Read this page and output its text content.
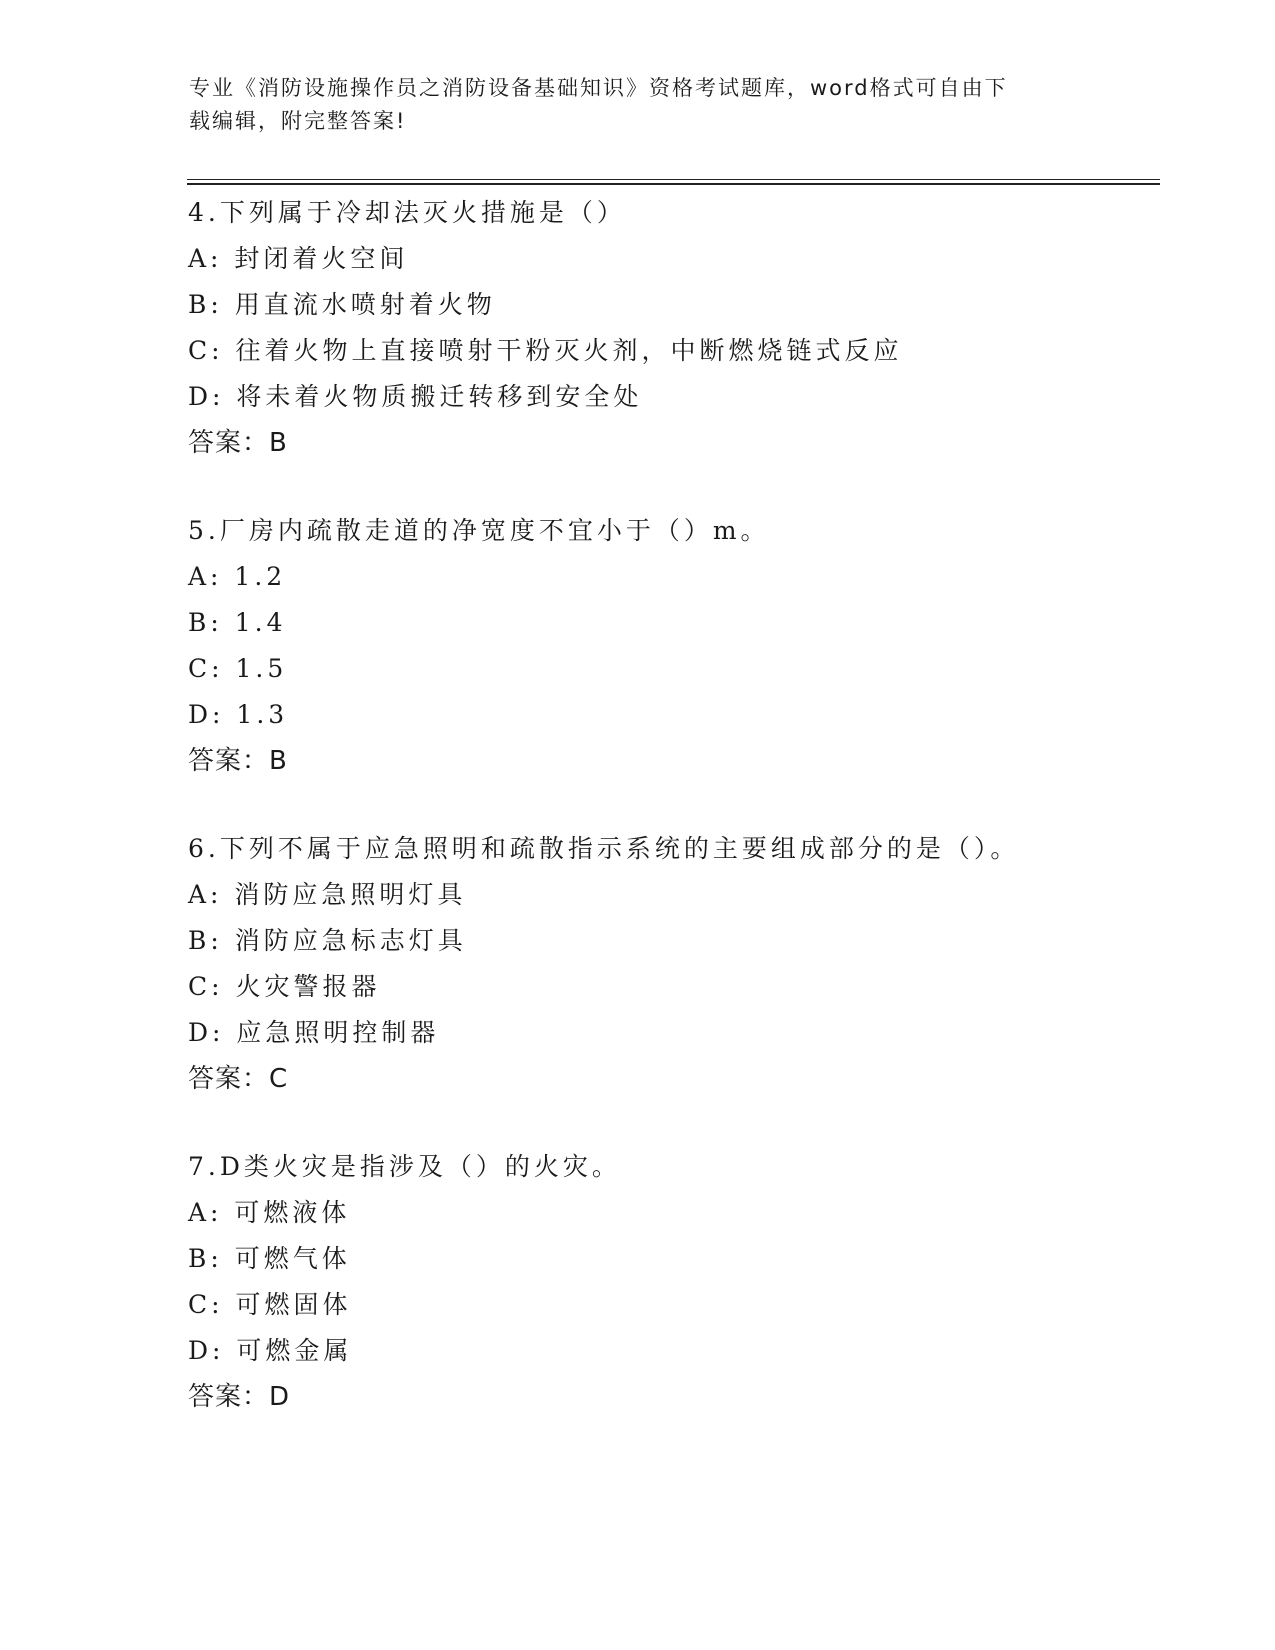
专业《消防设施操作员之消防设备基础知识》资格考试题库，word格式可自由下
载编辑，附完整答案!
4.下列属于冷却法灭火措施是（）
A: 封闭着火空间
B: 用直流水喷射着火物
C: 往着火物上直接喷射干粉灭火剂，中断燃烧链式反应
D: 将未着火物质搬迁转移到安全处
答案：B
5.厂房内疏散走道的净宽度不宜小于（）m。
A: 1.2
B: 1.4
C: 1.5
D: 1.3
答案：B
6.下列不属于应急照明和疏散指示系统的主要组成部分的是（）。
A: 消防应急照明灯具
B: 消防应急标志灯具
C: 火灾警报器
D: 应急照明控制器
答案：C
7.D类火灾是指涉及（）的火灾。
A: 可燃液体
B: 可燃气体
C: 可燃固体
D: 可燃金属
答案：D
